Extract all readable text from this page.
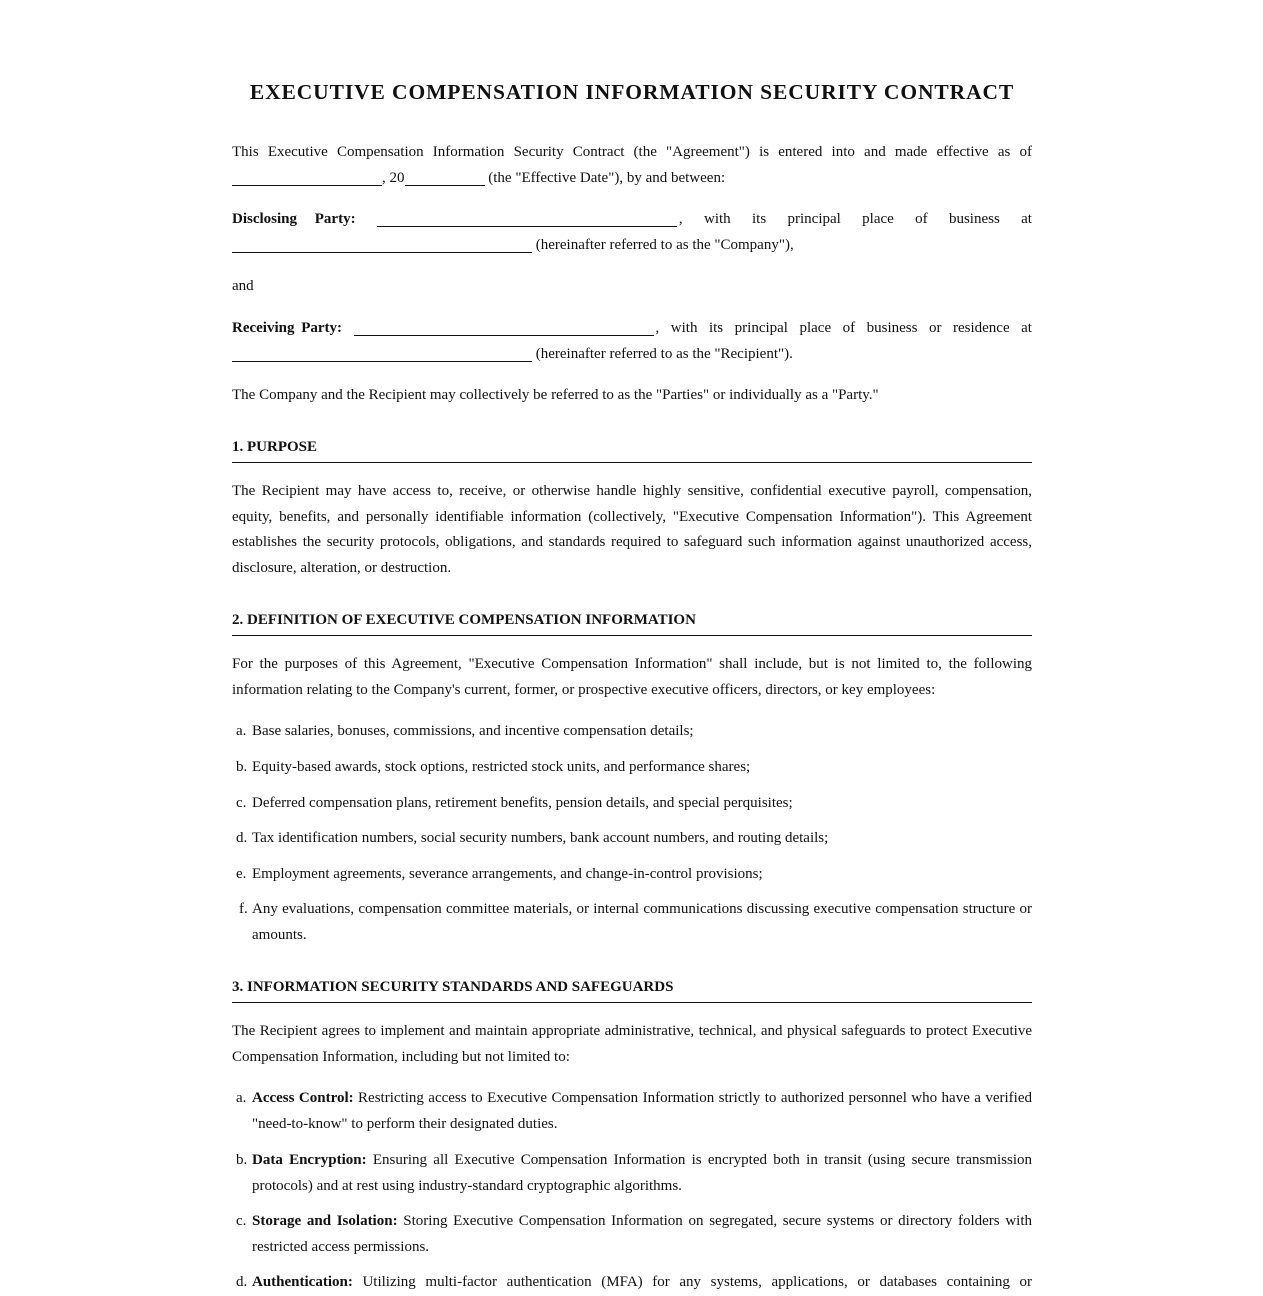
EXECUTIVE COMPENSATION INFORMATION SECURITY CONTRACT
This Executive Compensation Information Security Contract (the "Agreement") is entered into and made effective as of
, 20	(the "Effective Date"), by and between:
Disclosing Party:	, with its principal place of business at
(hereinafter referred to as the "Company"),
and
Receiving Party:	, with its principal place of business or residence at
(hereinafter referred to as the "Recipient").
The Company and the Recipient may collectively be referred to as the "Parties" or individually as a "Party."
1. PURPOSE
The Recipient may have access to, receive, or otherwise handle highly sensitive, confidential executive payroll, compensation, equity, benefits, and personally identifiable information (collectively, "Executive Compensation Information"). This Agreement establishes the security protocols, obligations, and standards required to safeguard such information against unauthorized access, disclosure, alteration, or destruction.
2. DEFINITION OF EXECUTIVE COMPENSATION INFORMATION
For the purposes of this Agreement, "Executive Compensation Information" shall include, but is not limited to, the following information relating to the Company's current, former, or prospective executive officers, directors, or key employees:
a. Base salaries, bonuses, commissions, and incentive compensation details;
b. Equity-based awards, stock options, restricted stock units, and performance shares;
c. Deferred compensation plans, retirement benefits, pension details, and special perquisites;
d. Tax identification numbers, social security numbers, bank account numbers, and routing details;
e. Employment agreements, severance arrangements, and change-in-control provisions;
f. Any evaluations, compensation committee materials, or internal communications discussing executive compensation structure or amounts.
3. INFORMATION SECURITY STANDARDS AND SAFEGUARDS
The Recipient agrees to implement and maintain appropriate administrative, technical, and physical safeguards to protect Executive Compensation Information, including but not limited to:
a. Access Control: Restricting access to Executive Compensation Information strictly to authorized personnel who have a verified "need-to-know" to perform their designated duties.
b. Data Encryption: Ensuring all Executive Compensation Information is encrypted both in transit (using secure transmission protocols) and at rest using industry-standard cryptographic algorithms.
c. Storage and Isolation: Storing Executive Compensation Information on segregated, secure systems or directory folders with restricted access permissions.
d. Authentication: Utilizing multi-factor authentication (MFA) for any systems, applications, or databases containing or
